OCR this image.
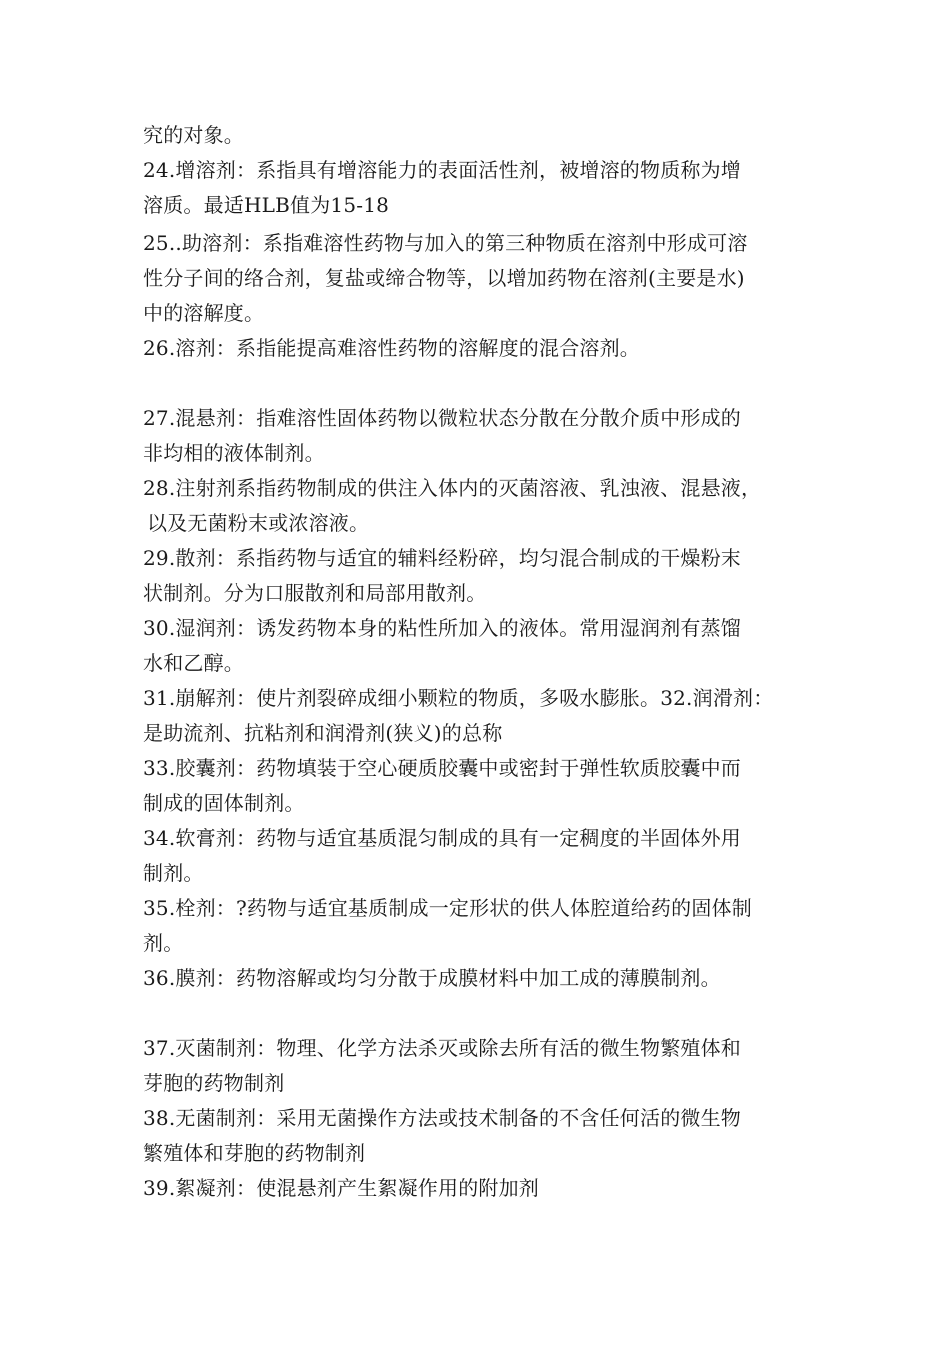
究的对象。
24.增溶剂：系指具有增溶能力的表面活性剂，被增溶的物质称为增
溶质。最适HLB值为15-18
25..助溶剂：系指难溶性药物与加入的第三种物质在溶剂中形成可溶
性分子间的络合剂，复盐或缔合物等，以增加药物在溶剂(主要是水)
中的溶解度。
26.溶剂：系指能提高难溶性药物的溶解度的混合溶剂。
27.混悬剂：指难溶性固体药物以微粒状态分散在分散介质中形成的
非均相的液体制剂。
28.注射剂系指药物制成的供注入体内的灭菌溶液、乳浊液、混悬液，
以及无菌粉末或浓溶液。
29.散剂：系指药物与适宜的辅料经粉碎，均匀混合制成的干燥粉末
状制剂。分为口服散剂和局部用散剂。
30.湿润剂：诱发药物本身的粘性所加入的液体。常用湿润剂有蒸馏
水和乙醇。
31.崩解剂：使片剂裂碎成细小颗粒的物质，多吸水膨胀。32.润滑剂：
是助流剂、抗粘剂和润滑剂(狭义)的总称
33.胶囊剂：药物填装于空心硬质胶囊中或密封于弹性软质胶囊中而
制成的固体制剂。
34.软膏剂：药物与适宜基质混匀制成的具有一定稠度的半固体外用
制剂。
35.栓剂：?药物与适宜基质制成一定形状的供人体腔道给药的固体制
剂。
36.膜剂：药物溶解或均匀分散于成膜材料中加工成的薄膜制剂。
37.灭菌制剂：物理、化学方法杀灭或除去所有活的微生物繁殖体和
芽胞的药物制剂
38.无菌制剂：采用无菌操作方法或技术制备的不含任何活的微生物
繁殖体和芽胞的药物制剂
39.絮凝剂：使混悬剂产生絮凝作用的附加剂
